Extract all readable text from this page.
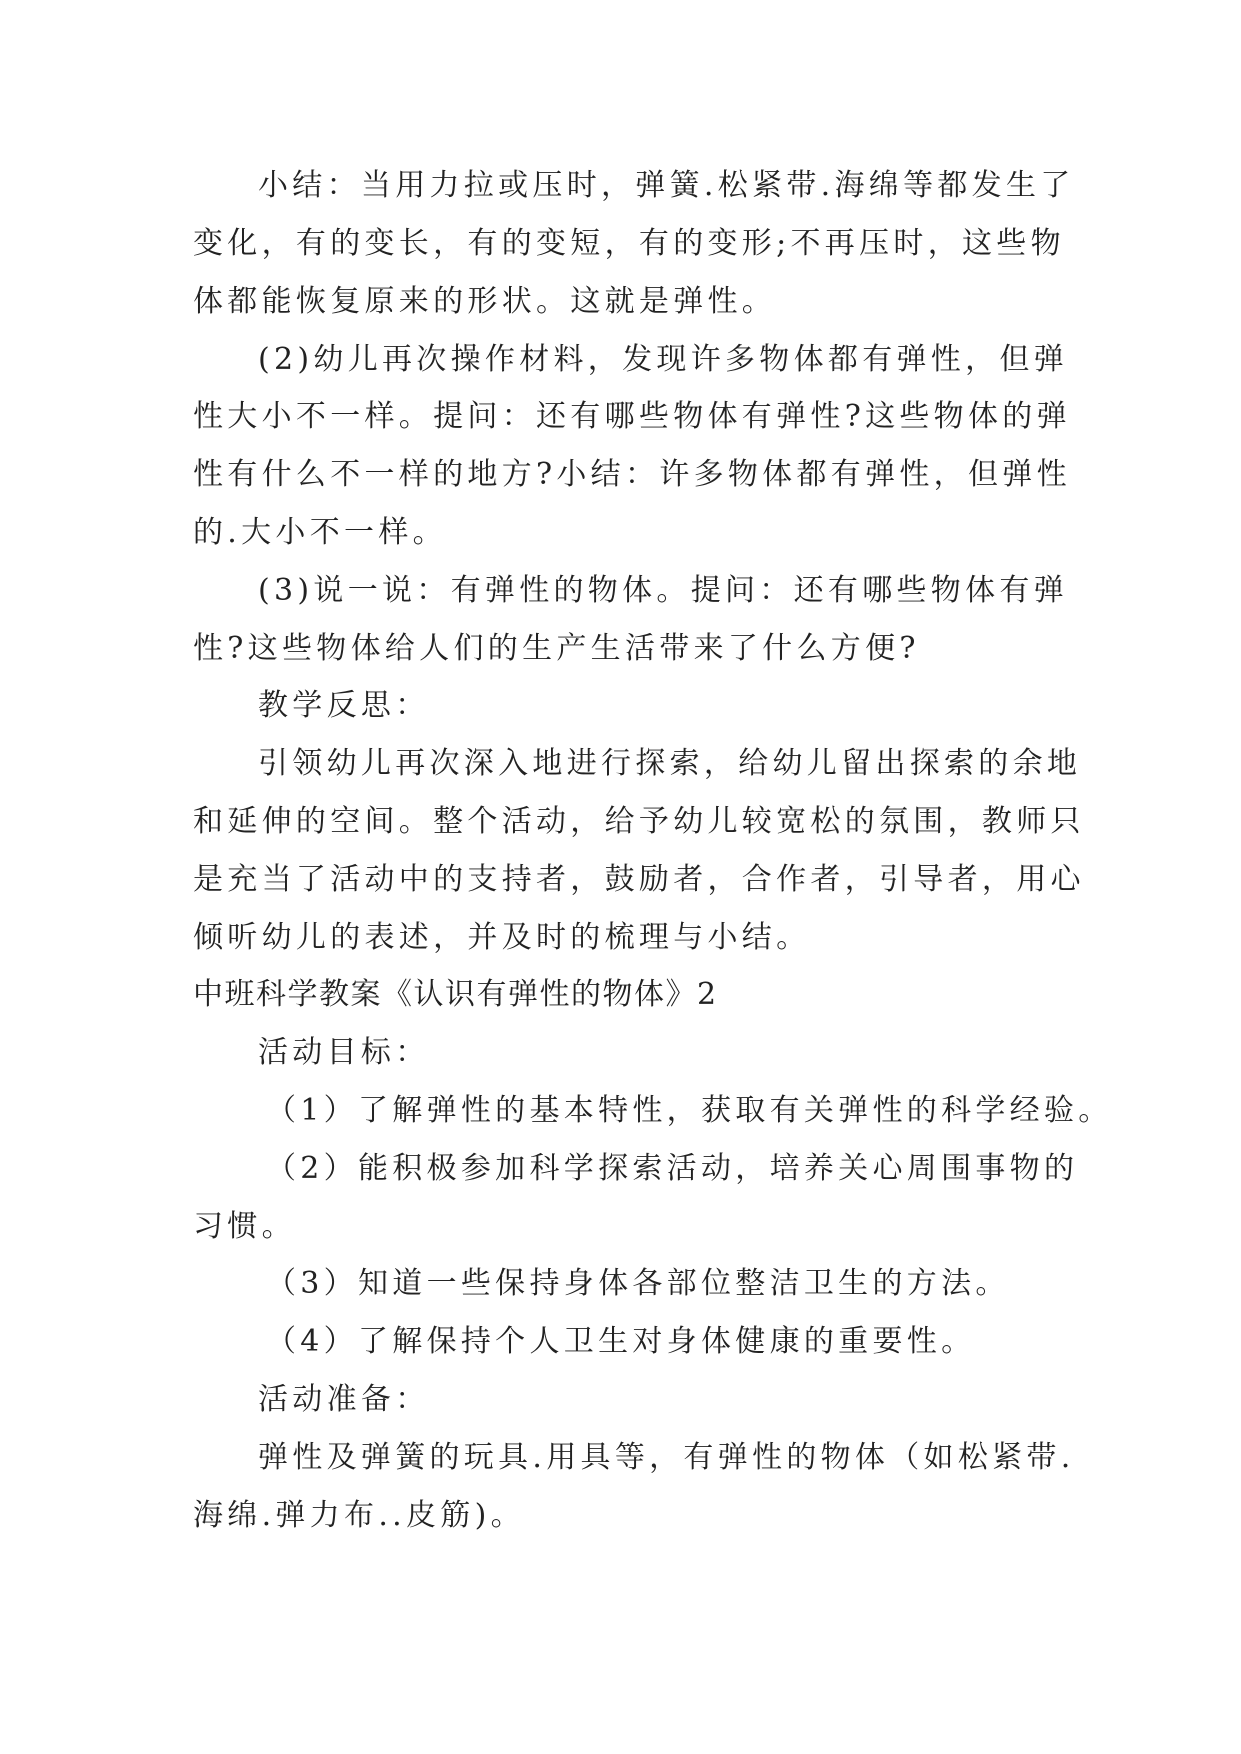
小结：当用力拉或压时，弹簧.松紧带.海绵等都发生了
变化，有的变长，有的变短，有的变形;不再压时，这些物
体都能恢复原来的形状。这就是弹性。
(2)幼儿再次操作材料，发现许多物体都有弹性，但弹
性大小不一样。提问：还有哪些物体有弹性?这些物体的弹
性有什么不一样的地方?小结：许多物体都有弹性，但弹性
的.大小不一样。
(3)说一说：有弹性的物体。提问：还有哪些物体有弹
性?这些物体给人们的生产生活带来了什么方便?
教学反思：
引领幼儿再次深入地进行探索，给幼儿留出探索的余地
和延伸的空间。整个活动，给予幼儿较宽松的氛围，教师只
是充当了活动中的支持者，鼓励者，合作者，引导者，用心
倾听幼儿的表述，并及时的梳理与小结。
中班科学教案《认识有弹性的物体》2
活动目标：
（1）了解弹性的基本特性，获取有关弹性的科学经验。
（2）能积极参加科学探索活动，培养关心周围事物的
习惯。
（3）知道一些保持身体各部位整洁卫生的方法。
（4）了解保持个人卫生对身体健康的重要性。
活动准备：
弹性及弹簧的玩具.用具等，有弹性的物体（如松紧带.
海绵.弹力布..皮筋)。
